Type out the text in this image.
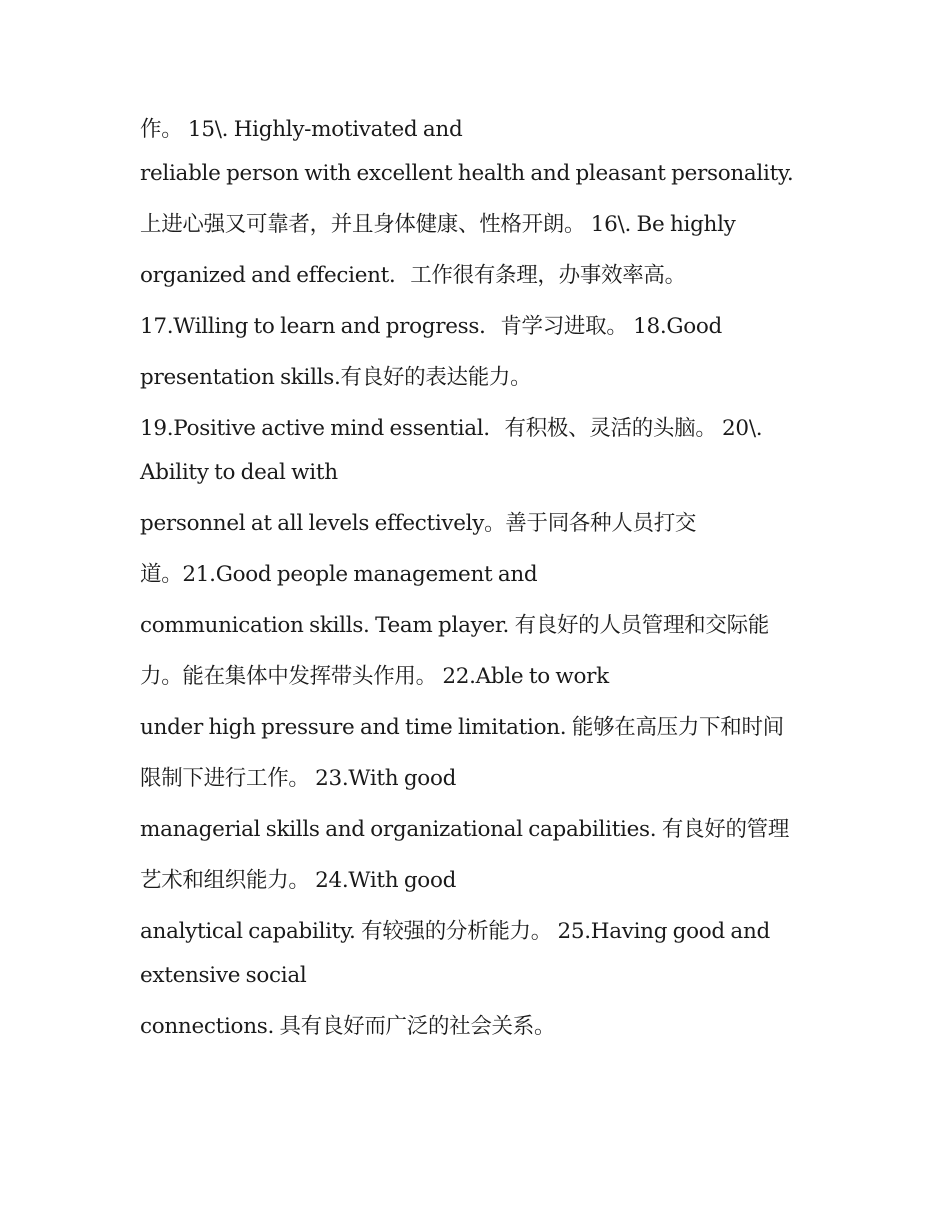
作。 15\. Highly-motivated and
reliable person with excellent health and pleasant personality.
上进心强又可靠者，并且身体健康、性格开朗。 16\. Be highly
organized and effecient．工作很有条理，办事效率高。
17.Willing to learn and progress．肯学习进取。 18.Good
presentation skills.有良好的表达能力。
19.Positive active mind essential．有积极、灵活的头脑。 20\.
Ability to deal with
personnel at all levels effectively。善于同各种人员打交
道。21.Good people management and
communication skills. Team player. 有良好的人员管理和交际能
力。能在集体中发挥带头作用。 22.Able to work
under high pressure and time limitation. 能够在高压力下和时间
限制下进行工作。 23.With good
managerial skills and organizational capabilities. 有良好的管理
艺术和组织能力。 24.With good
analytical capability. 有较强的分析能力。 25.Having good and
extensive social
connections. 具有良好而广泛的社会关系。
